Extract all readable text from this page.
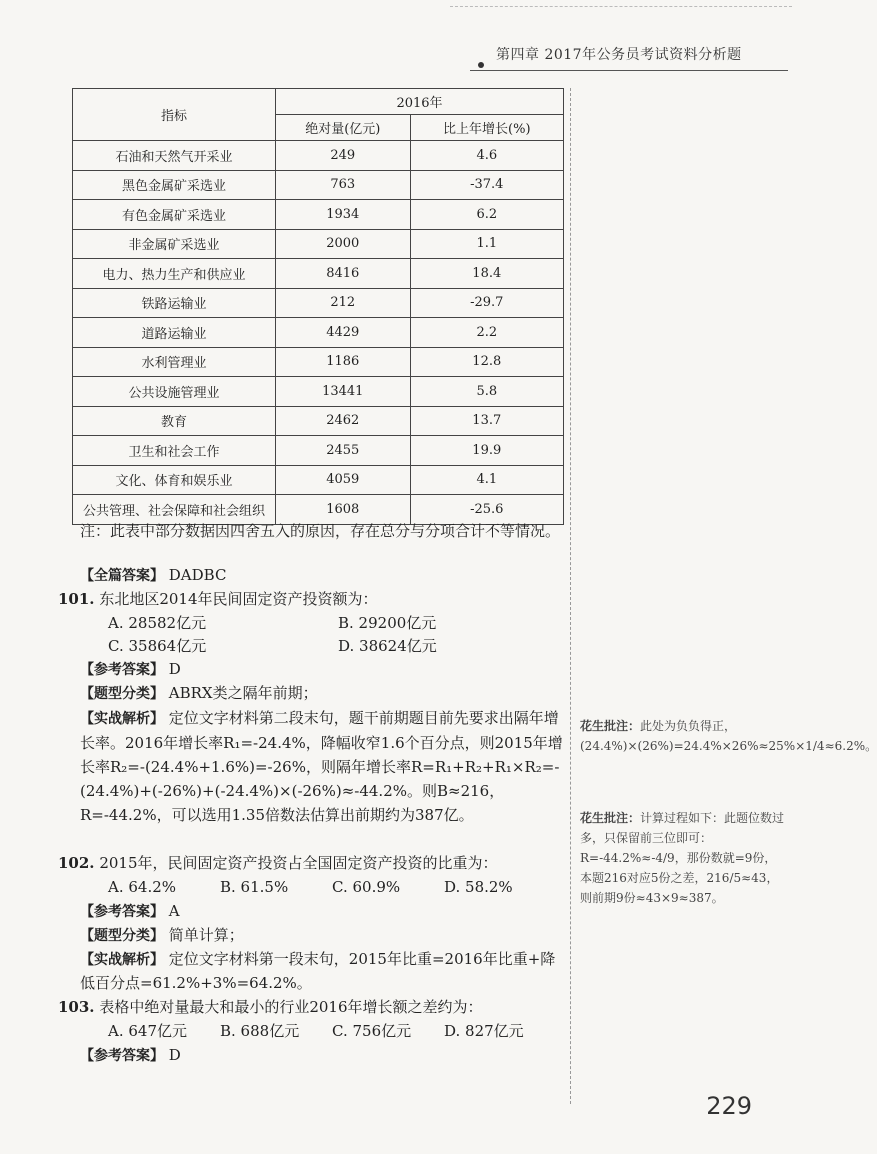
第四章 2017年公务员考试资料分析题
指标	2016年	
	绝对量(亿元)	比上年增长(%)
石油和天然气开采业	249	4.6
黑色金属矿采选业	763	-37.4
有色金属矿采选业	1934	6.2
非金属矿采选业	2000	1.1
电力、热力生产和供应业	8416	18.4
铁路运输业	212	-29.7
道路运输业	4429	2.2
水利管理业	1186	12.8
公共设施管理业	13441	5.8
教育	2462	13.7
卫生和社会工作	2455	19.9
文化、体育和娱乐业	4059	4.1
公共管理、社会保障和社会组织	1608	-25.6
注：此表中部分数据因四舍五入的原因，存在总分与分项合计不等情况。
【全篇答案】 DADBC
101. 东北地区2014年民间固定资产投资额为：
A. 28582亿元	B. 29200亿元
C. 35864亿元	D. 38624亿元
【参考答案】 D
【题型分类】 ABRX类之隔年前期；
【实战解析】 定位文字材料第二段末句，题干前期题目前先要求出隔年增长率。2016年增长率R₁=-24.4%，降幅收窄1.6个百分点，则2015年增长率R₂=-(24.4%+1.6%)=-26%，则隔年增长率R=R₁+R₂+R₁×R₂=-(24.4%)+(-26%)+(-24.4%)×(-26%)≈-44.2%。则B≈216，R=-44.2%，可以选用1.35倍数法估算出前期约为387亿。
102. 2015年，民间固定资产投资占全国固定资产投资的比重为：
A. 64.2%	B. 61.5%	C. 60.9%	D. 58.2%
【参考答案】 A
【题型分类】 简单计算；
【实战解析】 定位文字材料第一段末句，2015年比重=2016年比重+降低百分点=61.2%+3%=64.2%。
103. 表格中绝对量最大和最小的行业2016年增长额之差约为：
A. 647亿元	B. 688亿元	C. 756亿元	D. 827亿元
【参考答案】 D
花生批注：此处为负负得正，(24.4%)×(26%)=24.4%×26%≈25%×1/4≈6.2%。
花生批注：计算过程如下：此题位数过多，只保留前三位即可：R=-44.2%≈-4/9，那份数就=9份，本题216对应5份之差，216/5≈43，则前期9份≈43×9≈387。
229
